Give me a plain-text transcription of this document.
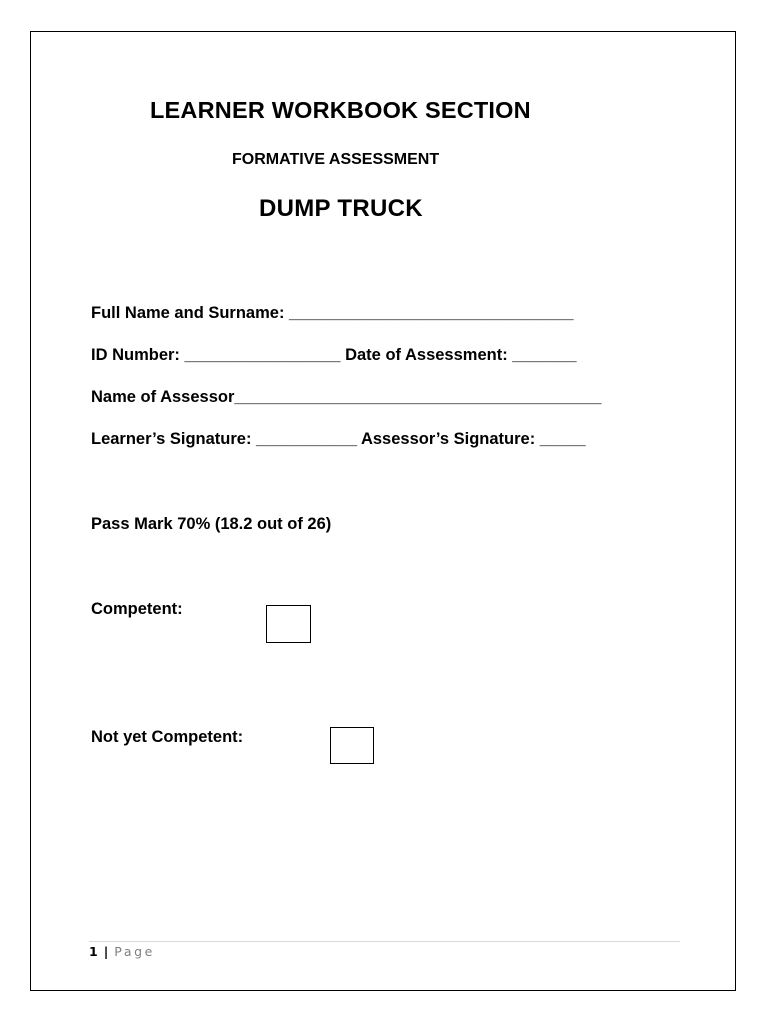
LEARNER WORKBOOK SECTION
FORMATIVE ASSESSMENT
DUMP TRUCK
Full Name and Surname: _______________________________
ID Number: _________________ Date of Assessment: _______
Name of Assessor________________________________________
Learner’s Signature: ___________ Assessor’s Signature: _____
Pass Mark 70% (18.2 out of 26)
Competent:
Not yet Competent:
1 | Page
